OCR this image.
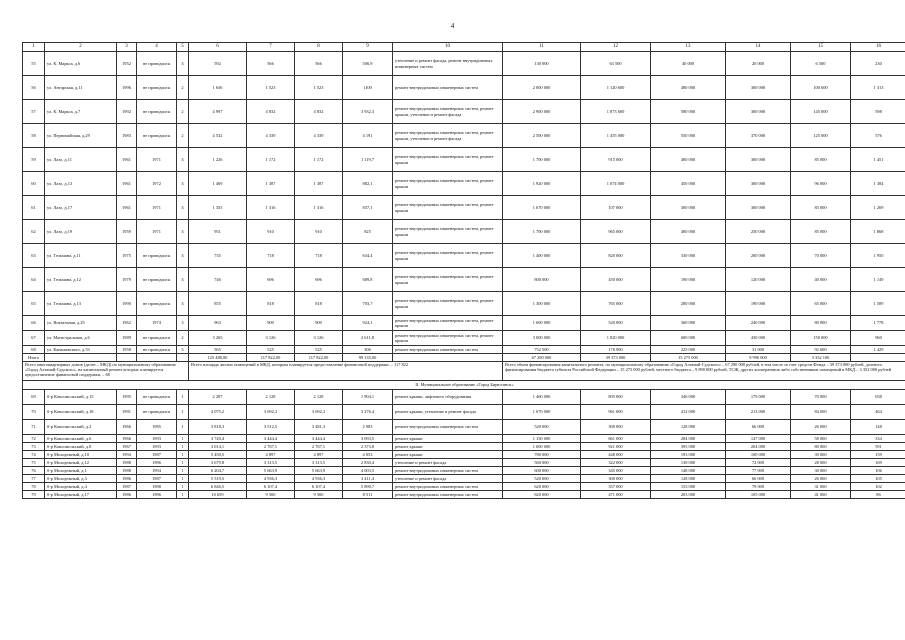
4
1	2	3	4	5	6	7	8	9	10	11	12	13	14	15	16
55	ул. К. Маркса, д.6	1952	не проводился	3	592	566	566	506,9	утепление и ремонт фасада, ремонт внутридомовых инженерных систем	130 000	63 500	40 000	20 000	6 500	230
56	ул. Ангарская, д.11	1996	не проводился	2	1 636	1 523	1 523	1100	ремонт внутридомовых инженерных систем	2 000 000	1 120 600	480 000	300 000	100 600	1 313
57	ул. К. Маркса, д.7	1992	не проводился	2	4 997	4 832	4 832	3 932,3	ремонт внутридомовых инженерных систем, ремонт крыши, утепление и ремонт фасада	2 900 000	1 873 600	580 000	300 000	145 000	598
58	ул. Первомайская, д.29	1983	не проводился	2	4 532	4 339	4 339	4 191	ремонт внутридомовых инженерных систем, ремонт крыши, утепление и ремонт фасада	2 500 000	1 455 000	550 000	370 000	125 000	576
59	ул. Лазо, д.11	1961	1971	3	1 226	1 172	1 172	1 119,7	ремонт внутридомовых инженерных систем, ремонт крыши	1 700 000	915 000	400 000	300 000	85 000	1 451
60	ул. Лазо, д.13	1961	1972	3	1 469	1 387	1 387	882,1	ремонт внутридомовых инженерных систем, ремонт крыши	1 920 000	1 074 000	450 000	300 000	96 000	1 384
61	ул. Лазо, д.17	1961	1971	3	1 355	1 316	1 316	837,1	ремонт внутридомовых инженерных систем, ремонт крыши	1 670 000	107 000	300 000	300 000	83 000	1 269
62	ул. Лазо, д.19	1959	1971	3	951	910	910	825	ремонт внутридомовых инженерных систем, ремонт крыши	1 700 000	965 000	400 000	250 000	85 000	1 868
63	ул. Тельмана, д.11	1975	не проводился	3	735	718	718	634,4	ремонт внутридомовых инженерных систем, ремонт крыши	1 400 000	820 000	330 000	200 000	70 000	1 950
64	ул. Тельмана, д.12	1979	не проводился	3	746	696	696	689,8	ремонт внутридомовых инженерных систем, ремонт крыши	800 000	450 000	190 000	120 000	40 000	1 149
65	ул. Тельмана, д.13	1990	не проводился	3	855	818	818	703,7	ремонт внутридомовых инженерных систем, ремонт крыши	1 300 000	765 000	280 000	190 000	65 000	1 589
66	ул. Вокзальная, д.25	1962	1974	3	963	900	900	924,1	ремонт внутридомовых инженерных систем, ремонт крыши	1 600 000	520 000	360 000	240 000	80 000	1 778
67	ул. Магистральная, д.6	1989	не проводился	2	3 265	3 126	3 126	2 611,8	ремонт внутридомовых инженерных систем, ремонт крыши	3 000 000	1 820 000	600 000	430 000	150 000	960
68	ул. Канашевского, д.53	1958	не проводился	3	565	525	525	306	ремонт внутридомовых инженерных систем	752 500	176 900	225 000	31 000	92 600	1 429
Итого					125 488,00	117 822,00	117 822,00	99 135,00		67 290 000	39 373 000	15 275 000	9 990 000	3 352 100	
Всего многоквартирных домов (далее – МКД) по муниципальному образованию «Город Алзамай-Судского», на капитальный ремонт которых планируется предоставление финансовой поддержки, – 68					Всего площадь жилых помещений в МКД, которым планируется предоставление финансовой поддержки, – 117 822					Всего объем финансирования капитального ремонта, по муниципальному образованию «Город Алзамай-Судского» – 67 290 000 рублей, в том числе за счет средств Фонда – 39 373 000 рублей, долевого финансирования бюджета субъекта Российской Федерации – 15 275 000 рублей, местного бюджета – 9 890 000 рублей, ТСЖ, других кооперативов либо собственников помещений в МКД – 3 352 000 рублей					
II. Муниципальное образование «Город Бирюсинск»															
69	б-р Комсомольский, д.15	1995	не проводился	1	2 287	2 128	2 128	1 904,1	ремонт крыши, лифтового оборудования	1 460 000	805 000	346 000	179 000	70 000	658
70	б-р Комсомольский, д.18	1991	не проводился	1	4 075,2	3 692,3	3 692,3	3 276,4	ремонт крыши, утепление и ремонт фасада	1 670 000	961 000	412 000	213 000	84 000	464
71	б-р Комсомольский, д.2	1966	1985	1	3 818,3	3 512,5	3 481,3	2 983	ремонт внутридомовых инженерных систем	520 000	300 000	128 000	66 000	26 000	148
72	б-р Комсомольский, д.6	1966	1993	1	3 720,4	3 444,4	3 444,4	3 093,5	ремонт крыши	1 150 000	661 000	284 000	147 000	58 000	334
73	б-р Комсомольский, д.8	1967	1993	1	3 014,1	2 767,1	2 767,1	2 373,8	ремонт крыши	1 600 000	921 000	395 000	204 000	80 000	591
74	б-р Молодежный, д.10	1994	1987	1	5 450,5	4 897	4 897	4 053	ремонт крыши	780 000	448 000	193 000	100 000	39 000	159
75	б-р Молодежный, д.12	1988	1986	1	3 679,8	3 313,5	3 313,5	2 830,4	утепление и ремонт фасада	560 000	322 000	138 000	72 000	28 000	169
76	б-р Молодежный, д.1	1988	1994	1	6 204,7	5 663,9	5 663,9	4 003,5	ремонт внутридомовых инженерных систем	600 000	345 000	148 000	77 000	30 000	106
77	б-р Молодежный, д.3	1986	1987	1	5 519,5	4 936,3	4 936,3	3 411,4	утепление и ремонт фасада	520 000	300 000	128 000	66 000	26 000	105
78	б-р Молодежный, д.4	1987	1988	1	6 846,5	6 107,4	6 107,4	5 890,7	ремонт внутридомовых инженерных систем	620 000	357 000	153 000	79 000	31 000	102
79	б-р Молодежный, д.17	1986	1986	1	10 659	9 500	9 500	8 511	ремонт внутридомовых инженерных систем	820 000	471 000	203 000	105 000	41 000	86
